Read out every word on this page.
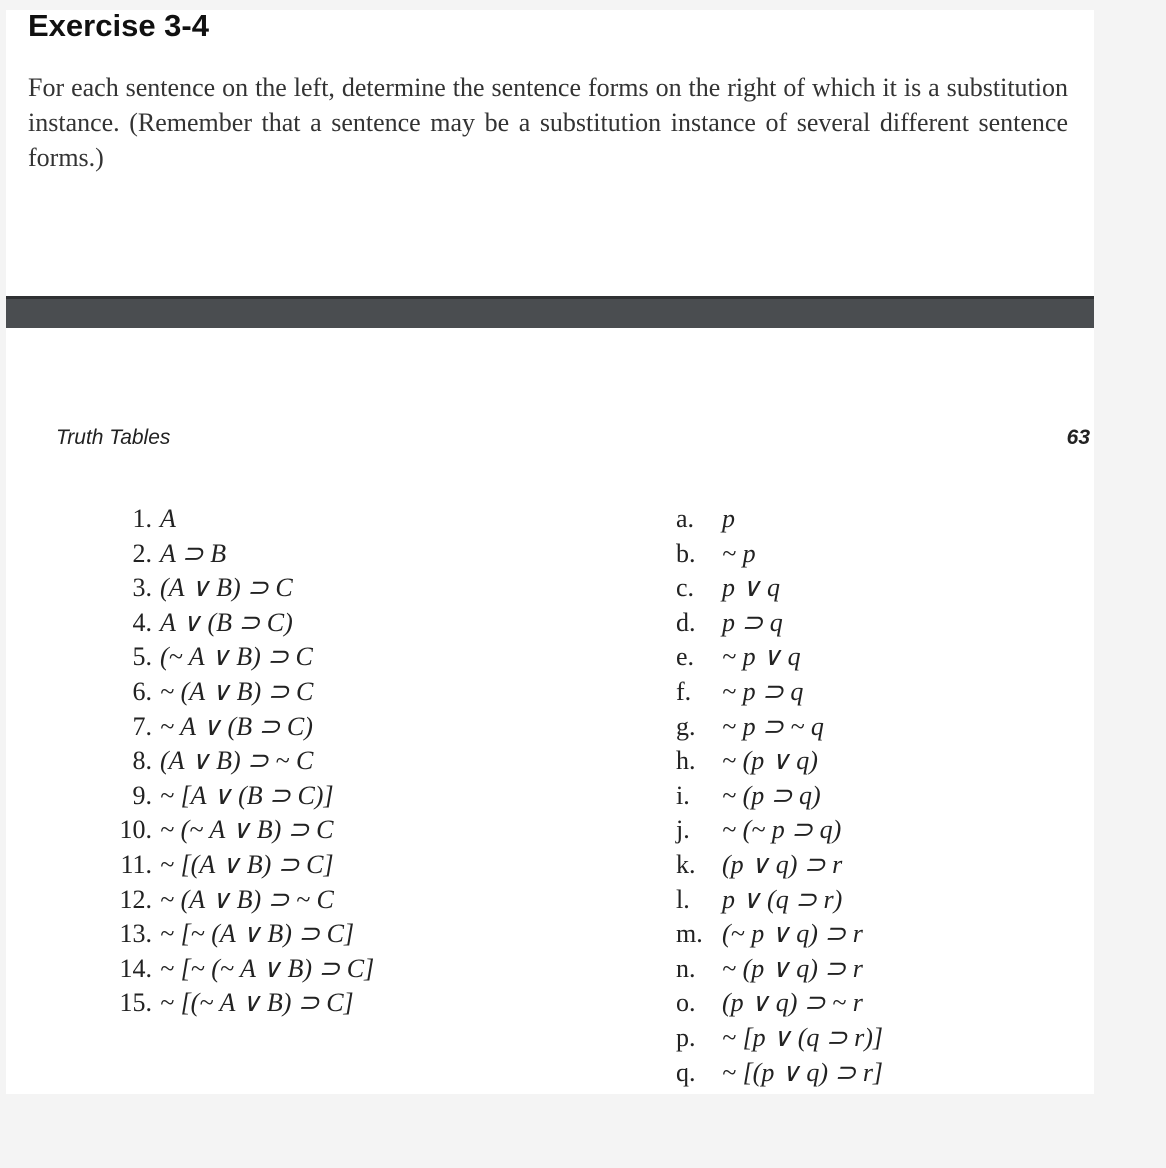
Exercise 3-4

For each sentence on the left, determine the sentence forms on the right of which it is a substitution instance. (Remember that a sentence may be a substitution instance of several different sentence forms.)

Truth Tables	63
1. A
2. A ⊃ B
3. (A ∨ B) ⊃ C
4. A ∨ (B ⊃ C)
5. (~ A ∨ B) ⊃ C
6. ~ (A ∨ B) ⊃ C
7. ~ A ∨ (B ⊃ C)
8. (A ∨ B) ⊃ ~ C
9. ~ [A ∨ (B ⊃ C)]
10. ~ (~ A ∨ B) ⊃ C
11. ~ [(A ∨ B) ⊃ C]
12. ~ (A ∨ B) ⊃ ~ C
13. ~ [~ (A ∨ B) ⊃ C]
14. ~ [~ (~ A ∨ B) ⊃ C]
15. ~ [(~ A ∨ B) ⊃ C]
a.	p
b.	~ p
c.	p ∨ q
d.	p ⊃ q
e.	~ p ∨ q
f.	~ p ⊃ q
g.	~ p ⊃ ~ q
h.	~ (p ∨ q)
i.	~ (p ⊃ q)
j.	~ (~ p ⊃ q)
k.	(p ∨ q) ⊃ r
l.	p ∨ (q ⊃ r)
m. (~ p ∨ q) ⊃ r
n.	~ (p ∨ q) ⊃ r
o.	(p ∨ q) ⊃ ~ r
p.	~ [p ∨ (q ⊃ r)]
q.	~ [(p ∨ q) ⊃ r]
